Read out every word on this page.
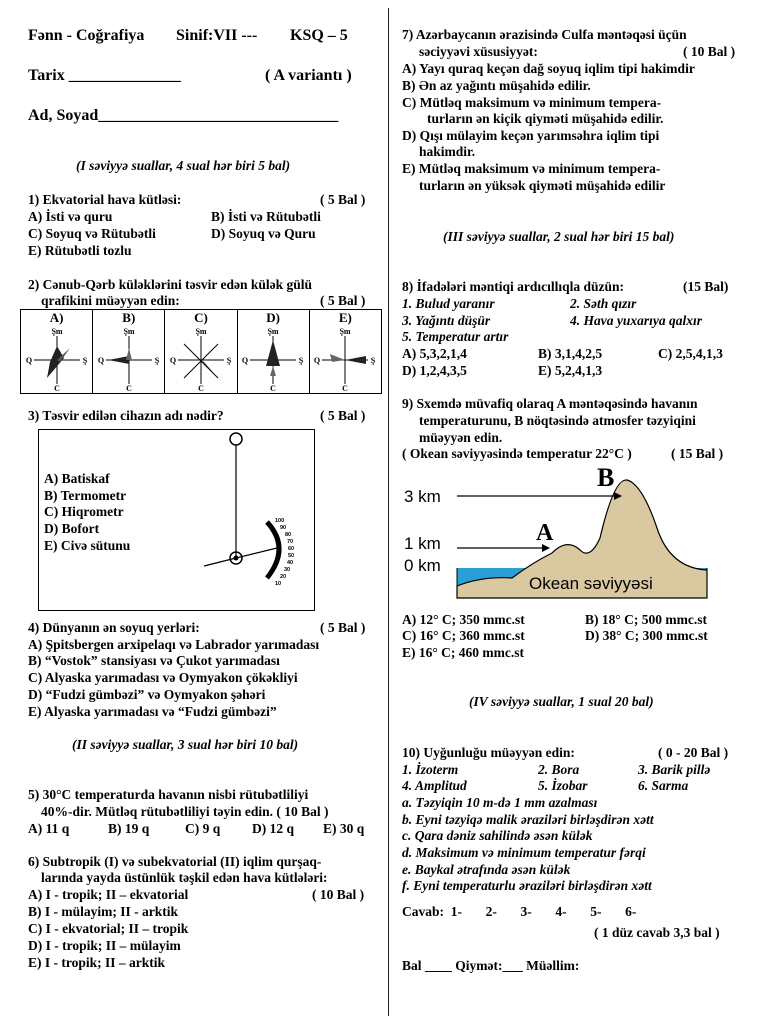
Fənn - Coğrafiya Sinif:VII --- KSQ – 5
Tarix ______________	( A variantı )
Ad, Soyad______________________________
(I səviyyə suallar, 4 sual hər biri 5 bal)
1) Ekvatorial hava kütləsi:	( 5 Bal )
A) İsti və quru	B) İsti və Rütubətli
C) Soyuq və Rütubətli	D) Soyuq və Quru
E) Rütubətli tozlu
2) Cənub-Qərb küləklərini təsvir edən külək gülü
qrafikini müəyyən edin:	( 5 Bal )
A)
Şm
C
Q	Ş

B)
Şm
C
Q	Ş

C)
Şm
C
Q	Ş

D)
Şm
C
Q	Ş

E)
Şm
C
Q	Ş
3) Təsvir edilən cihazın adı nədir?	( 5 Bal )
A) Batiskaf
B) Termometr
C) Hiqrometr
D) Bofort
E) Civə sütunu
100
90
80
70
60
50
40
30
20
10
4) Dünyanın ən soyuq yerləri:	( 5 Bal )
A) Şpitsbergen arxipelaqı və Labrador yarımadası
B) “Vostok” stansiyası və Çukot yarımadası
C) Alyaska yarımadası və Oymyakon çökəkliyi
D) “Fudzi gümbəzi” və Oymyakon şəhəri
E) Alyaska yarımadası və “Fudzi gümbəzi”
(II səviyyə suallar, 3 sual hər biri 10 bal)
5) 30°C temperaturda havanın nisbi rütubətliliyi
40%-dir. Mütləq rütubətliliyi təyin edin. ( 10 Bal )
A) 11 q	B) 19 q	C) 9 q D) 12 q E) 30 q
6) Subtropik (I) və subekvatorial (II) iqlim qurşaq-
larında yayda üstünlük təşkil edən hava kütlələri:
A) I - tropik; II – ekvatorial	( 10 Bal )
B) I - mülayim; II - arktik
C) I - ekvatorial; II – tropik
D) I - tropik; II – mülayim
E) I - tropik; II – arktik
7) Azərbaycanın ərazisində Culfa məntəqəsi üçün
səciyyəvi xüsusiyyət:	( 10 Bal )
A) Yayı quraq keçən dağ soyuq iqlim tipi hakimdir
B) Ən az yağıntı müşahidə edilir.
C) Mütləq maksimum və minimum tempera-
turların ən kiçik qiyməti müşahidə edilir.
D) Qışı mülayim keçən yarımsəhra iqlim tipi
hakimdir.
E) Mütləq maksimum və minimum tempera-
turların ən yüksək qiyməti müşahidə edilir
(III səviyyə suallar, 2 sual hər biri 15 bal)
8) İfadələri məntiqi ardıcıllıqla düzün:	(15 Bal)
1. Bulud yaranır	2. Səth qızır
3. Yağıntı düşür	4. Hava yuxarıya qalxır
5. Temperatur artır
A) 5,3,2,1,4	B) 3,1,4,2,5	C) 2,5,4,1,3
D) 1,2,4,3,5	E) 5,2,4,1,3
9) Sxemdə müvafiq olaraq A məntəqəsində havanın
temperaturunu, B nöqtəsində atmosfer təzyiqini
müəyyən edin.
( Okean səviyyəsində temperatur 22°C )	( 15 Bal )
3 km
1 km
0 km
A
B
Okean səviyyəsi
A) 12° C; 350 mmc.st	B) 18° C; 500 mmc.st
C) 16° C; 360 mmc.st	D) 38° C; 300 mmc.st
E) 16° C; 460 mmc.st
(IV səviyyə suallar, 1 sual 20 bal)
10) Uyğunluğu müəyyən edin:	( 0 - 20 Bal )
1. İzoterm	2. Bora	3. Barik pillə
4. Amplitud	5. İzobar	6. Sarma
a. Təzyiqin 10 m-də 1 mm azalması
b. Eyni təzyiqə malik əraziləri birləşdirən xətt
c. Qara dəniz sahilində əsən külək
d. Maksimum və minimum temperatur fərqi
e. Baykal ətrafında əsən külək
f. Eyni temperaturlu əraziləri birləşdirən xətt
Cavab:  1-       2-       3-       4-       5-       6-
( 1 düz cavab 3,3 bal )
Bal ____ Qiymət:___ Müəllim:
